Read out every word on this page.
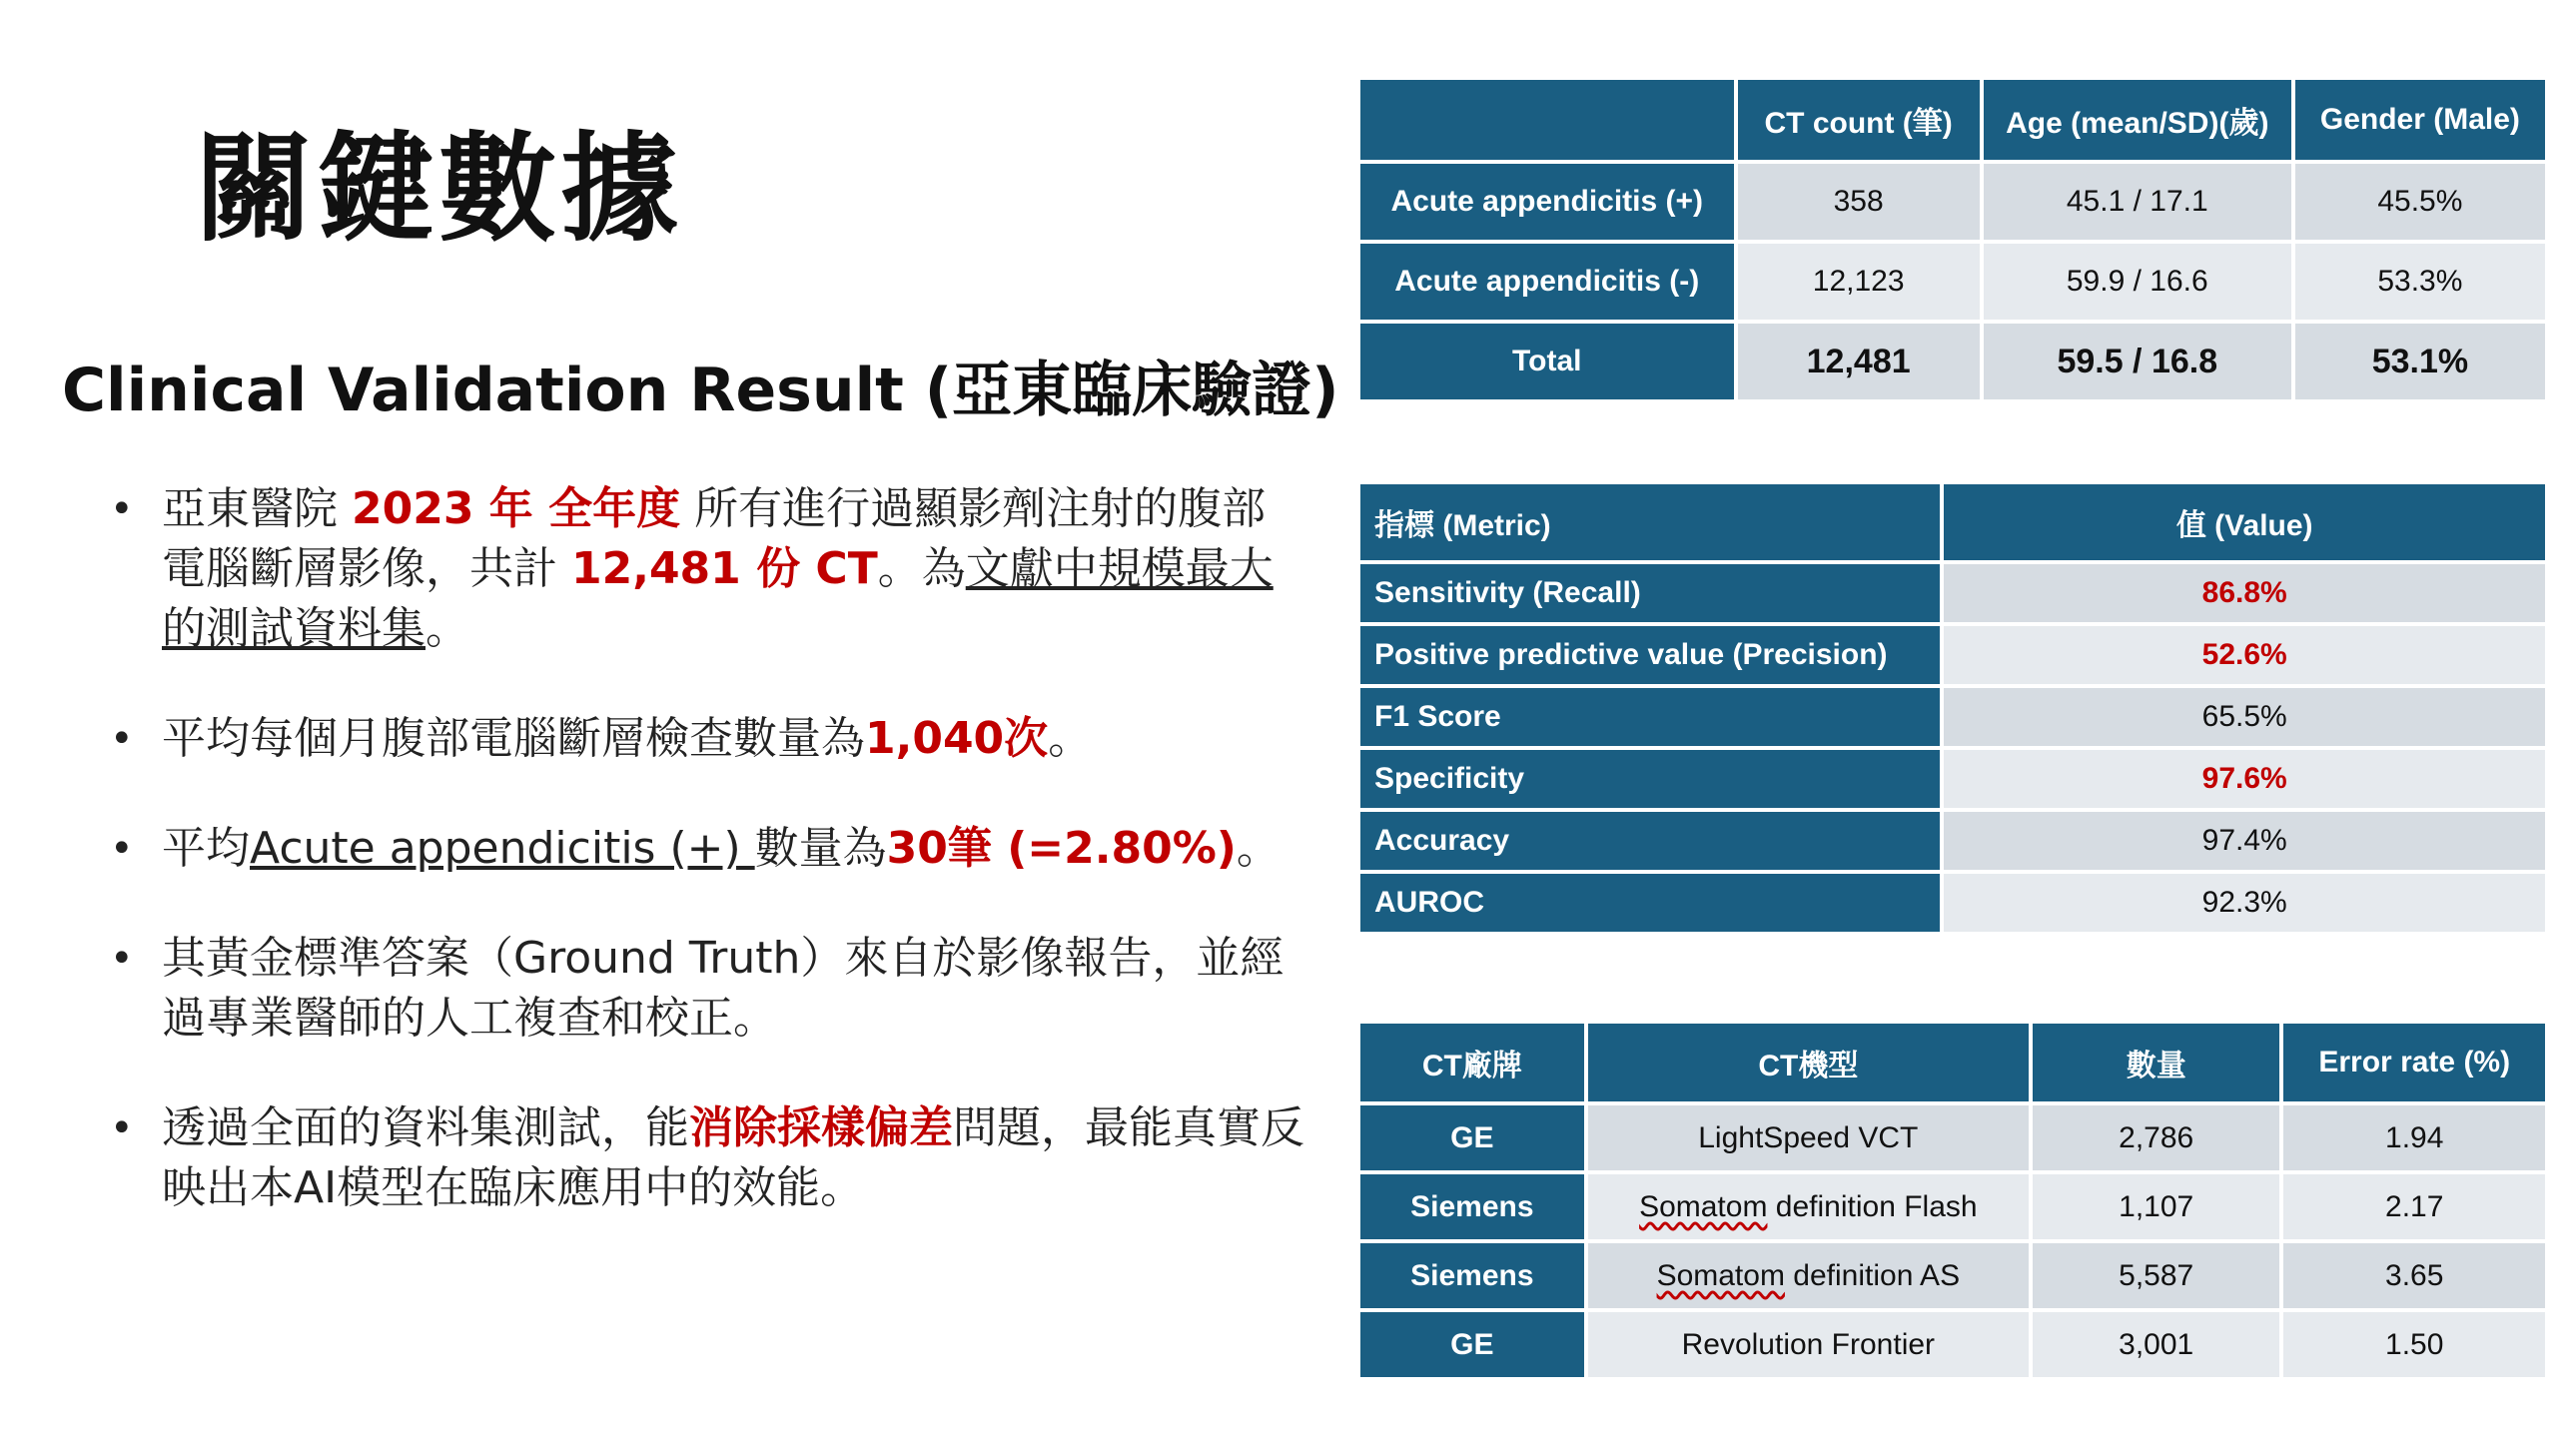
關鍵數據
Clinical Validation Result (亞東臨床驗證)
• 亞東醫院 2023 年 全年度 所有進行過顯影劑注射的腹部電腦斷層影像，共計 12,481 份 CT。為文獻中規模最大的測試資料集。
• 平均每個月腹部電腦斷層檢查數量為1,040次。
• 平均Acute appendicitis (+) 數量為30筆 (=2.80%)。
• 其黃金標準答案（Ground Truth）來自於影像報告，並經過專業醫師的人工複查和校正。
• 透過全面的資料集測試，能消除採樣偏差問題，最能真實反映出本AI模型在臨床應用中的效能。
	CT count (筆)	Age (mean/SD)(歲)	Gender (Male)
Acute appendicitis (+)	358	45.1 / 17.1	45.5%
Acute appendicitis (-)	12,123	59.9 / 16.6	53.3%
Total	12,481	59.5 / 16.8	53.1%
指標 (Metric)	值 (Value)
Sensitivity (Recall)	86.8%
Positive predictive value (Precision)	52.6%
F1 Score	65.5%
Specificity	97.6%
Accuracy	97.4%
AUROC	92.3%
CT廠牌	CT機型	數量	Error rate (%)
GE	LightSpeed VCT	2,786	1.94
Siemens	Somatom definition Flash	1,107	2.17
Siemens	Somatom definition AS	5,587	3.65
GE	Revolution Frontier	3,001	1.50
